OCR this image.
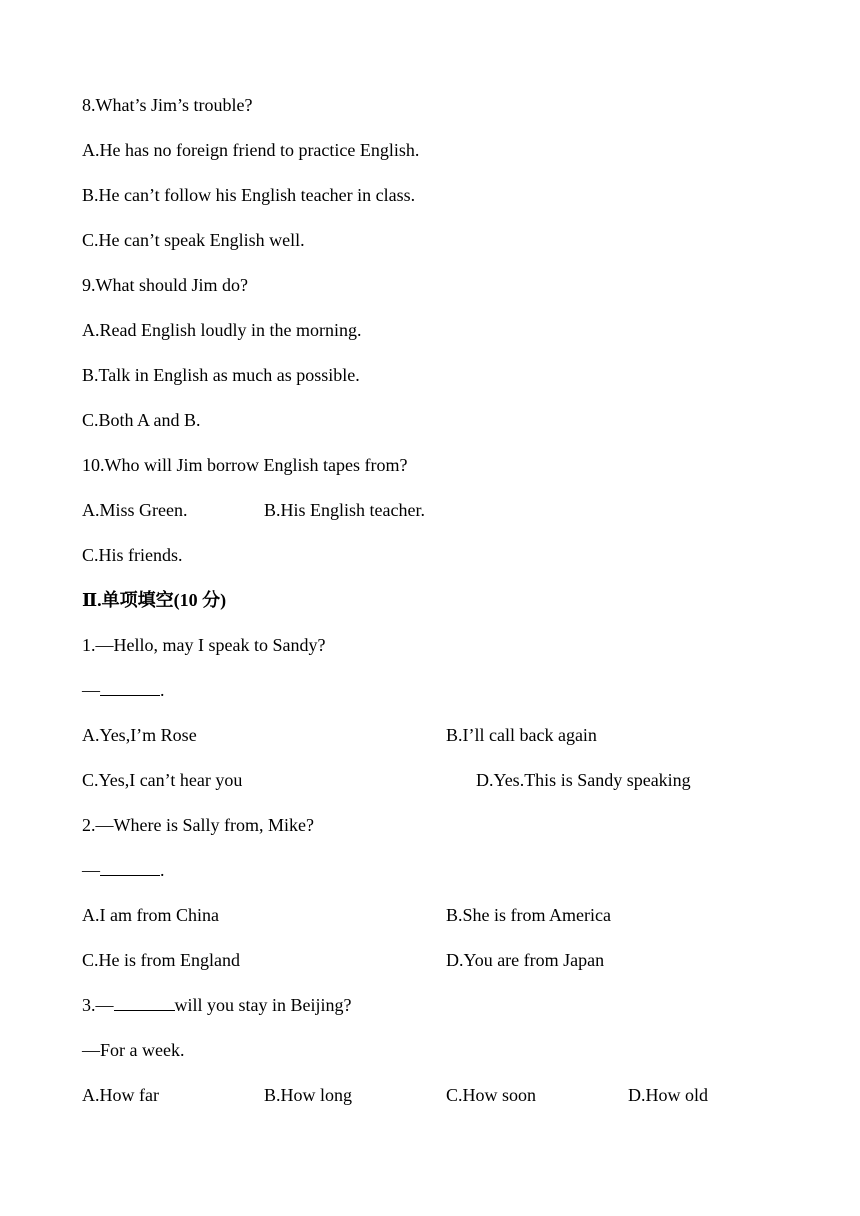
8.What’s Jim’s trouble?
A.He has no foreign friend to practice English.
B.He can’t follow his English teacher in class.
C.He can’t speak English well.
9.What should Jim do?
A.Read English loudly in the morning.
B.Talk in English as much as possible.
C.Both A and B.
10.Who will Jim borrow English tapes from?
A.Miss Green.	B.His English teacher.
C.His friends.
Ⅱ.单项填空(10 分)
1.—Hello, may I speak to Sandy?
—	.
A.Yes,I’m Rose	B.I’ll call back again
C.Yes,I can’t hear you	D.Yes.This is Sandy speaking
2.—Where is Sally from, Mike?
—	.
A.I am from China	B.She is from America
C.He is from England	D.You are from Japan
3.—	will you stay in Beijing?
—For a week.
A.How far	B.How long	C.How soon	D.How old
